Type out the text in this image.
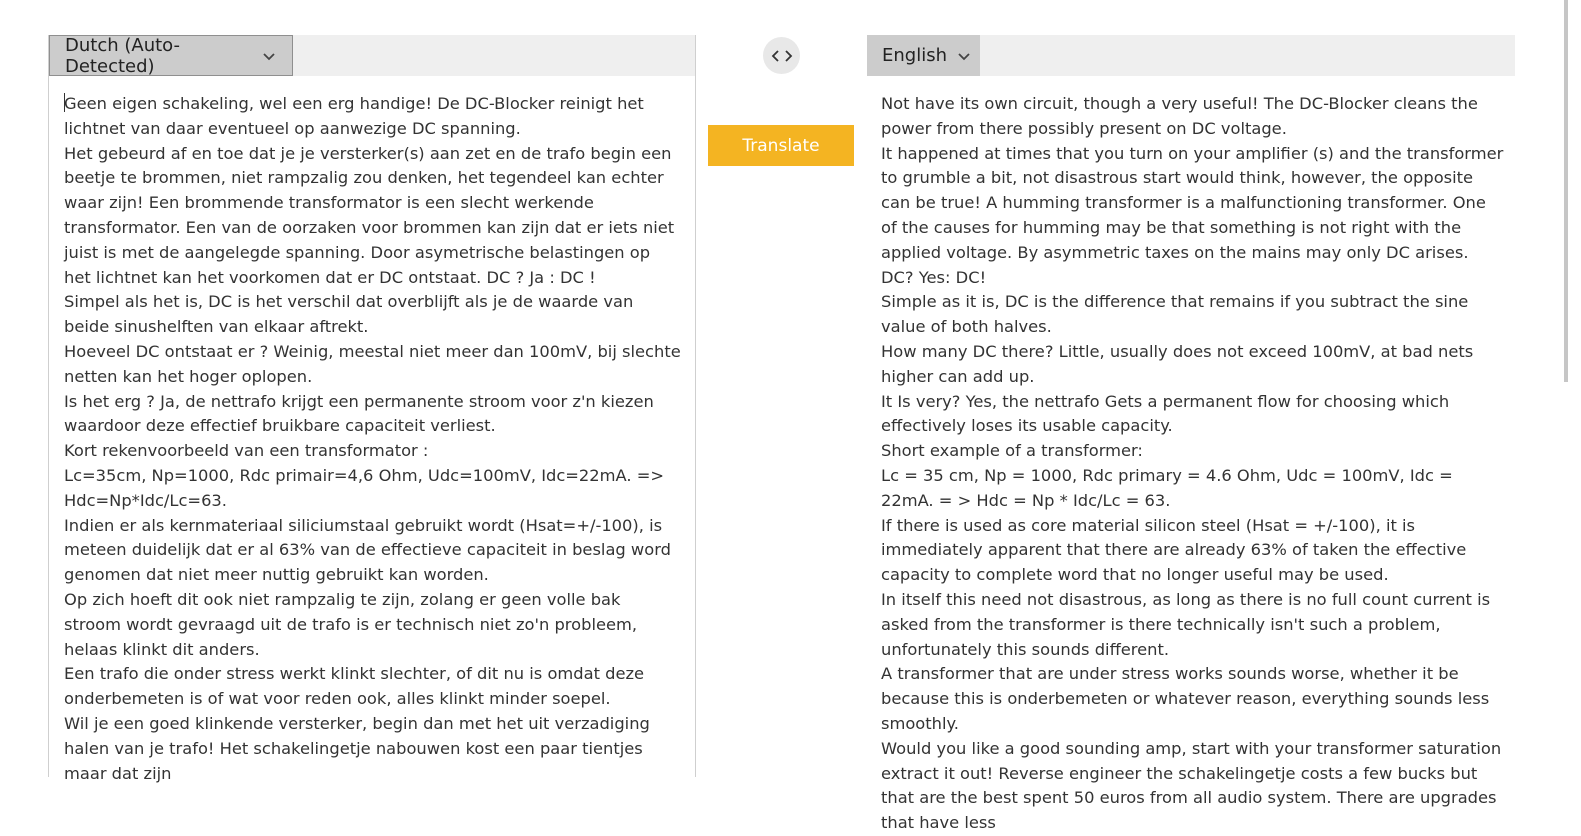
Dutch (Auto-Detected)

Geen eigen schakeling, wel een erg handige! De DC-Blocker reinigt het lichtnet van daar eventueel op aanwezige DC spanning.

Het gebeurd af en toe dat je je versterker(s) aan zet en de trafo begin een beetje te brommen, niet rampzalig zou denken, het tegendeel kan echter waar zijn! Een brommende transformator is een slecht werkende transformator. Een van de oorzaken voor brommen kan zijn dat er iets niet juist is met de aangelegde spanning. Door asymetrische belastingen op het lichtnet kan het voorkomen dat er DC ontstaat. DC ? Ja : DC !

Simpel als het is, DC is het verschil dat overblijft als je de waarde van beide sinushelften van elkaar aftrekt.

Hoeveel DC ontstaat er ? Weinig, meestal niet meer dan 100mV, bij slechte netten kan het hoger oplopen.

Is het erg ? Ja, de nettrafo krijgt een permanente stroom voor z'n kiezen waardoor deze effectief bruikbare capaciteit verliest.

Kort rekenvoorbeeld van een transformator :

Lc=35cm, Np=1000, Rdc primair=4,6 Ohm, Udc=100mV, Idc=22mA. => Hdc=Np*Idc/Lc=63.

Indien er als kernmateriaal siliciumstaal gebruikt wordt (Hsat=+/-100), is meteen duidelijk dat er al 63% van de effectieve capaciteit in beslag word genomen dat niet meer nuttig gebruikt kan worden.

Op zich hoeft dit ook niet rampzalig te zijn, zolang er geen volle bak stroom wordt gevraagd uit de trafo is er technisch niet zo'n probleem, helaas klinkt dit anders.

Een trafo die onder stress werkt klinkt slechter, of dit nu is omdat deze onderbemeten is of wat voor reden ook, alles klinkt minder soepel.

Wil je een goed klinkende versterker, begin dan met het uit verzadiging halen van je trafo! Het schakelingetje nabouwen kost een paar tientjes maar dat zijn

Translate
English

Not have its own circuit, though a very useful! The DC-Blocker cleans the power from there possibly present on DC voltage.

It happened at times that you turn on your amplifier (s) and the transformer to grumble a bit, not disastrous start would think, however, the opposite can be true! A humming transformer is a malfunctioning transformer. One of the causes for humming may be that something is not right with the applied voltage. By asymmetric taxes on the mains may only DC arises. DC? Yes: DC!

Simple as it is, DC is the difference that remains if you subtract the sine value of both halves.

How many DC there? Little, usually does not exceed 100mV, at bad nets higher can add up.

It Is very? Yes, the nettrafo Gets a permanent flow for choosing which effectively loses its usable capacity.

Short example of a transformer:

Lc = 35 cm, Np = 1000, Rdc primary = 4.6 Ohm, Udc = 100mV, Idc = 22mA. = > Hdc = Np * Idc/Lc = 63.

If there is used as core material silicon steel (Hsat = +/-100), it is immediately apparent that there are already 63% of taken the effective capacity to complete word that no longer useful may be used.

In itself this need not disastrous, as long as there is no full count current is asked from the transformer is there technically isn't such a problem, unfortunately this sounds different.

A transformer that are under stress works sounds worse, whether it be because this is onderbemeten or whatever reason, everything sounds less smoothly.

Would you like a good sounding amp, start with your transformer saturation extract it out! Reverse engineer the schakelingetje costs a few bucks but that are the best spent 50 euros from all audio system. There are upgrades that have less
